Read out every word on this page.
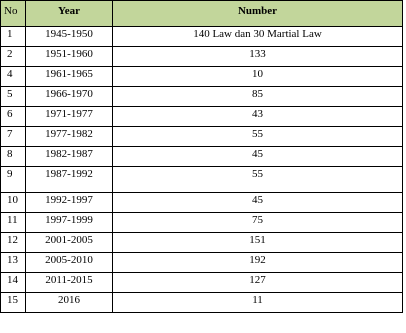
No	Year	Number
1	1945-1950	140 Law dan 30 Martial Law
2	1951-1960	133
4	1961-1965	10
5	1966-1970	85
6	1971-1977	43
7	1977-1982	55
8	1982-1987	45
9	1987-1992	55
10	1992-1997	45
11	1997-1999	75
12	2001-2005	151
13	2005-2010	192
14	2011-2015	127
15	2016	11
